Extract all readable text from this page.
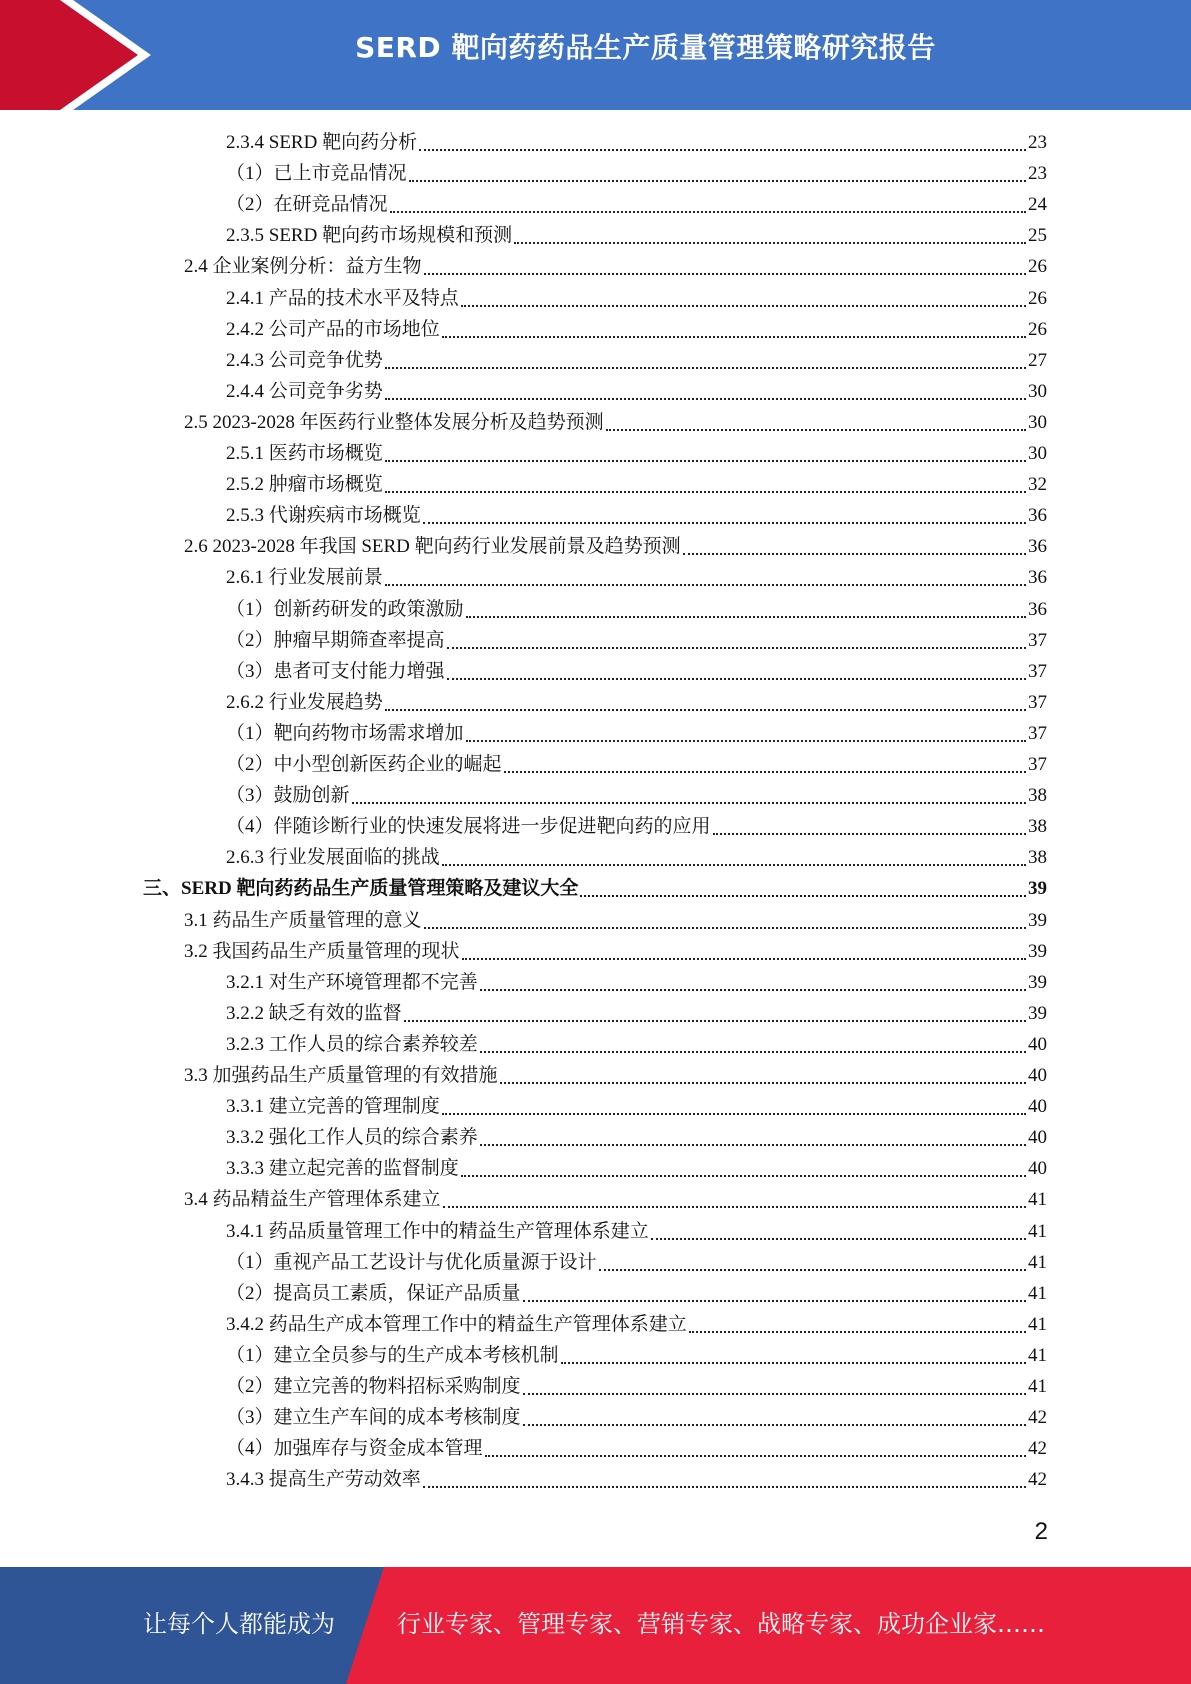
SERD 靶向药药品生产质量管理策略研究报告
2.3.4 SERD 靶向药分析	23
（1）已上市竞品情况	23
（2）在研竞品情况	24
2.3.5 SERD 靶向药市场规模和预测	25
2.4 企业案例分析：益方生物	26
2.4.1 产品的技术水平及特点	26
2.4.2 公司产品的市场地位	26
2.4.3 公司竞争优势	27
2.4.4 公司竞争劣势	30
2.5 2023-2028 年医药行业整体发展分析及趋势预测	30
2.5.1 医药市场概览	30
2.5.2 肿瘤市场概览	32
2.5.3 代谢疾病市场概览	36
2.6 2023-2028 年我国 SERD 靶向药行业发展前景及趋势预测	36
2.6.1 行业发展前景	36
（1）创新药研发的政策激励	36
（2）肿瘤早期筛查率提高	37
（3）患者可支付能力增强	37
2.6.2 行业发展趋势	37
（1）靶向药物市场需求增加	37
（2）中小型创新医药企业的崛起	37
（3）鼓励创新	38
（4）伴随诊断行业的快速发展将进一步促进靶向药的应用	38
2.6.3 行业发展面临的挑战	38
三、SERD 靶向药药品生产质量管理策略及建议大全	39
3.1 药品生产质量管理的意义	39
3.2 我国药品生产质量管理的现状	39
3.2.1 对生产环境管理都不完善	39
3.2.2 缺乏有效的监督	39
3.2.3 工作人员的综合素养较差	40
3.3 加强药品生产质量管理的有效措施	40
3.3.1 建立完善的管理制度	40
3.3.2 强化工作人员的综合素养	40
3.3.3 建立起完善的监督制度	40
3.4 药品精益生产管理体系建立	41
3.4.1 药品质量管理工作中的精益生产管理体系建立	41
（1）重视产品工艺设计与优化质量源于设计	41
（2）提高员工素质，保证产品质量	41
3.4.2 药品生产成本管理工作中的精益生产管理体系建立	41
（1）建立全员参与的生产成本考核机制	41
（2）建立完善的物料招标采购制度	41
（3）建立生产车间的成本考核制度	42
（4）加强库存与资金成本管理	42
3.4.3 提高生产劳动效率	42
2
让每个人都能成为	行业专家、管理专家、营销专家、战略专家、成功企业家……
